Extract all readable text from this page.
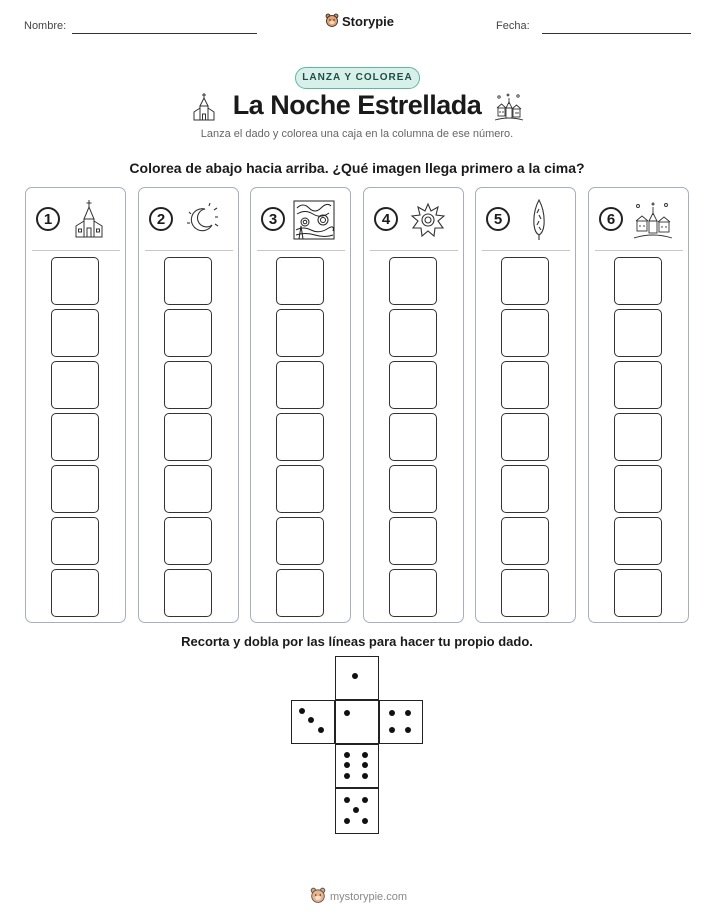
Nombre:	Storypie	Fecha:
LANZA Y COLOREA
La Noche Estrellada
Lanza el dado y colorea una caja en la columna de ese número.
Colorea de abajo hacia arriba. ¿Qué imagen llega primero a la cima?
1	2	3	4	5	6
Recorta y dobla por las líneas para hacer tu propio dado.
mystorypie.com
